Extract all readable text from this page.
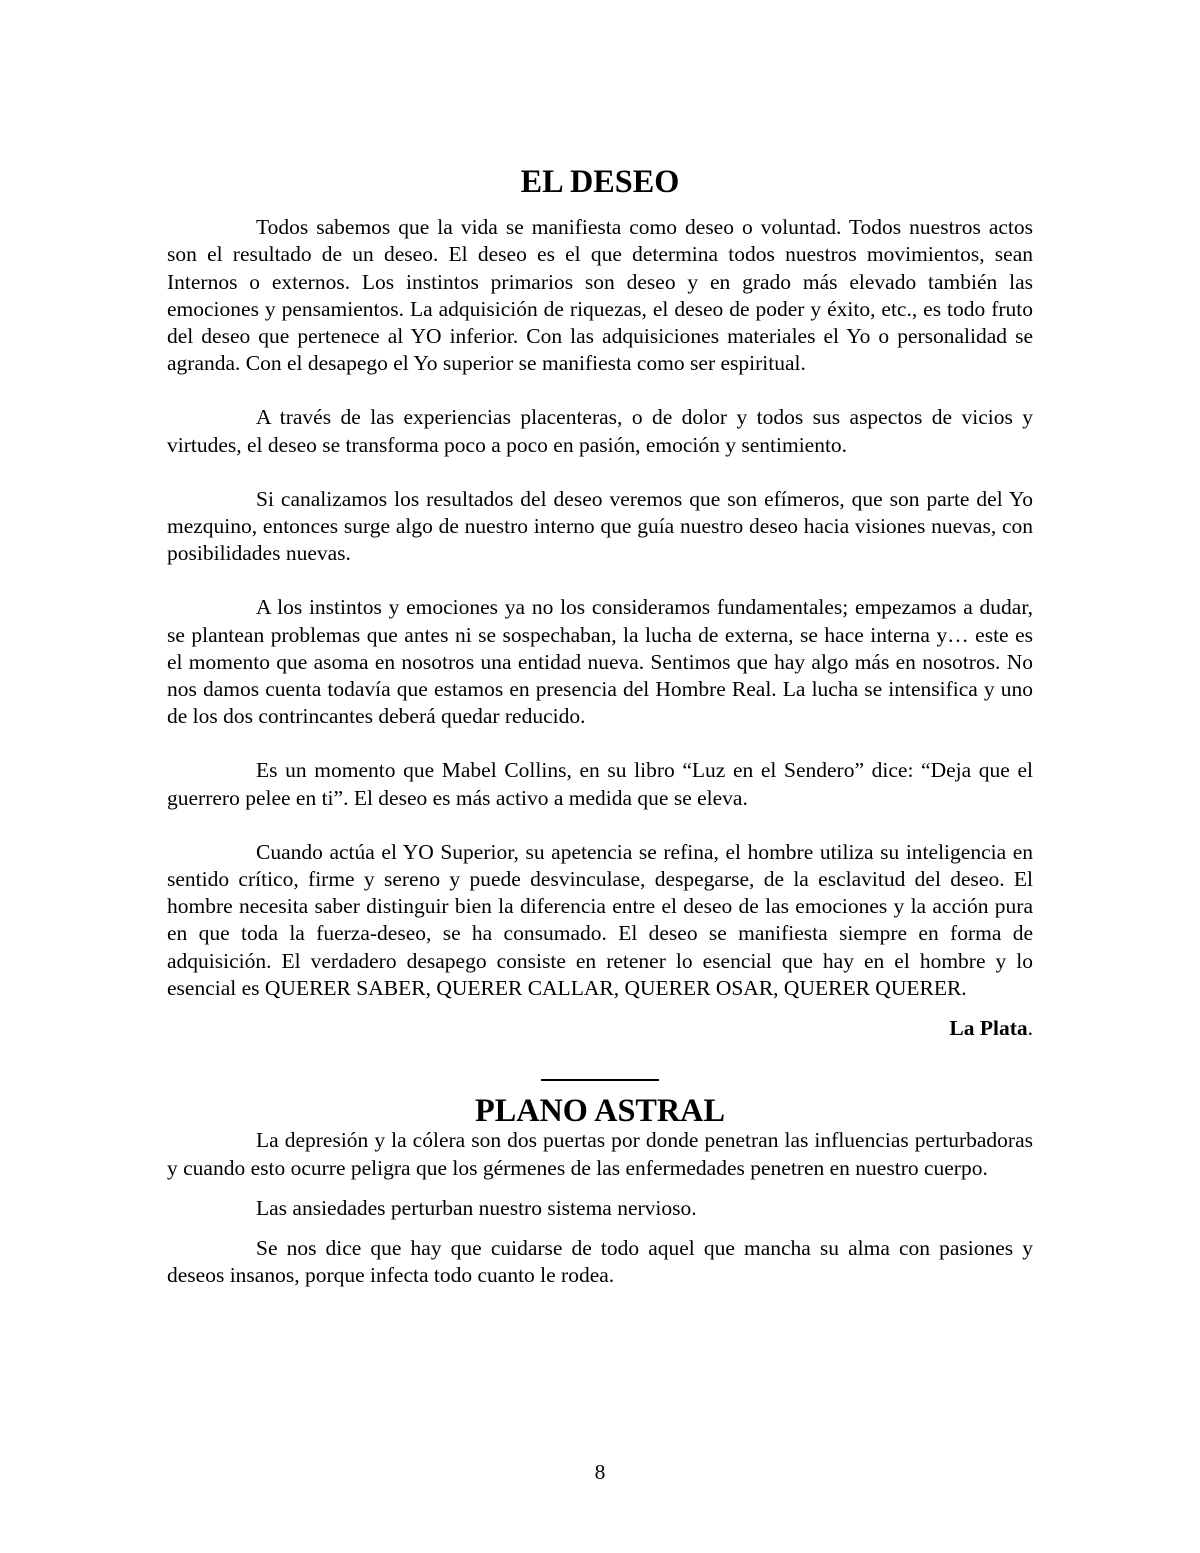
EL DESEO

Todos sabemos que la vida se manifiesta como deseo o voluntad. Todos nuestros actos son el resultado de un deseo. El deseo es el que determina todos nuestros movimientos, sean Internos o externos. Los instintos primarios son deseo y en grado más elevado también las emociones y pensamientos. La adquisición de riquezas, el deseo de poder y éxito, etc., es todo fruto del deseo que pertenece al YO inferior. Con las adquisiciones materiales el Yo o personalidad se agranda. Con el desapego el Yo superior se manifiesta como ser espiritual.

A través de las experiencias placenteras, o de dolor y todos sus aspectos de vicios y virtudes, el deseo se transforma poco a poco en pasión, emoción y sentimiento.

Si canalizamos los resultados del deseo veremos que son efímeros, que son parte del Yo mezquino, entonces surge algo de nuestro interno que guía nuestro deseo hacia visiones nuevas, con posibilidades nuevas.

A los instintos y emociones ya no los consideramos fundamentales; empezamos a dudar, se plantean problemas que antes ni se sospechaban, la lucha de externa, se hace interna y… este es el momento que asoma en nosotros una entidad nueva. Sentimos que hay algo más en nosotros. No nos damos cuenta todavía que estamos en presencia del Hombre Real. La lucha se intensifica y uno de los dos contrincantes deberá quedar reducido.

Es un momento que Mabel Collins, en su libro “Luz en el Sendero” dice: “Deja que el guerrero pelee en ti”. El deseo es más activo a medida que se eleva.

Cuando actúa el YO Superior, su apetencia se refina, el hombre utiliza su inteligencia en sentido crítico, firme y sereno y puede desvinculase, despegarse, de la esclavitud del deseo. El hombre necesita saber distinguir bien la diferencia entre el deseo de las emociones y la acción pura en que toda la fuerza-deseo, se ha consumado. El deseo se manifiesta siempre en forma de adquisición. El verdadero desapego consiste en retener lo esencial que hay en el hombre y lo esencial es QUERER SABER, QUERER CALLAR, QUERER OSAR, QUERER QUERER.

La Plata.
PLANO ASTRAL

La depresión y la cólera son dos puertas por donde penetran las influencias perturbadoras y cuando esto ocurre peligra que los gérmenes de las enfermedades penetren en nuestro cuerpo.

Las ansiedades perturban nuestro sistema nervioso.

Se nos dice que hay que cuidarse de todo aquel que mancha su alma con pasiones y deseos insanos, porque infecta todo cuanto le rodea.

8
